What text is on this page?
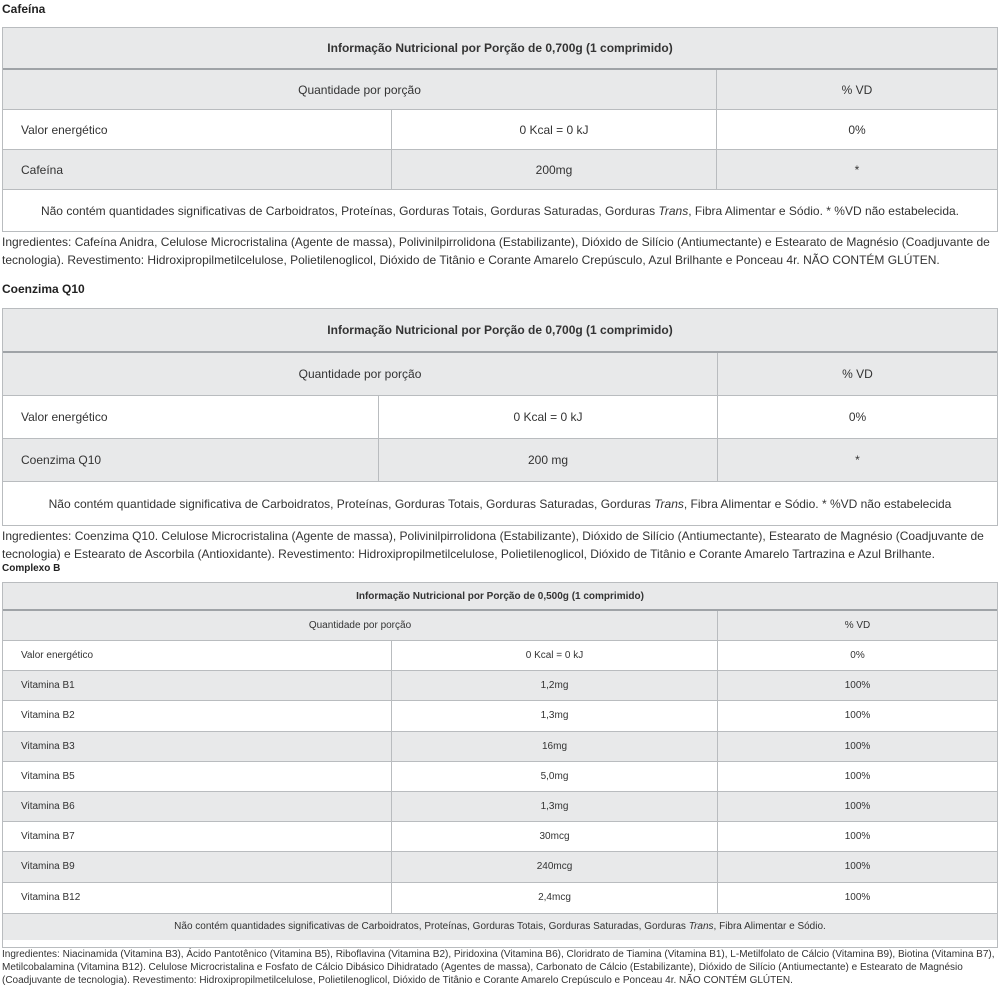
Cafeína
Informação Nutricional por Porção de 0,700g (1 comprimido)
Quantidade por porção	% VD
Valor energético	0 Kcal = 0 kJ	0%
Cafeína	200mg	*
Não contém quantidades significativas de Carboidratos, Proteínas, Gorduras Totais, Gorduras Saturadas, Gorduras Trans, Fibra Alimentar e Sódio. * %VD não estabelecida.
Ingredientes: Cafeína Anidra, Celulose Microcristalina (Agente de massa), Polivinilpirrolidona (Estabilizante), Dióxido de Silício (Antiumectante) e Estearato de Magnésio (Coadjuvante de tecnologia). Revestimento: Hidroxipropilmetilcelulose, Polietilenoglicol, Dióxido de Titânio e Corante Amarelo Crepúsculo, Azul Brilhante e Ponceau 4r. NÃO CONTÉM GLÚTEN.
Coenzima Q10
Informação Nutricional por Porção de 0,700g (1 comprimido)
Quantidade por porção	% VD
Valor energético	0 Kcal = 0 kJ	0%
Coenzima Q10	200 mg	*
Não contém quantidade significativa de Carboidratos, Proteínas, Gorduras Totais, Gorduras Saturadas, Gorduras Trans, Fibra Alimentar e Sódio. * %VD não estabelecida
Ingredientes: Coenzima Q10. Celulose Microcristalina (Agente de massa), Polivinilpirrolidona (Estabilizante), Dióxido de Silício (Antiumectante), Estearato de Magnésio (Coadjuvante de tecnologia) e Estearato de Ascorbila (Antioxidante). Revestimento: Hidroxipropilmetilcelulose, Polietilenoglicol, Dióxido de Titânio e Corante Amarelo Tartrazina e Azul Brilhante.
Complexo B
Informação Nutricional por Porção de 0,500g (1 comprimido)
Quantidade por porção	% VD
Valor energético	0 Kcal = 0 kJ	0%
Vitamina B1	1,2mg	100%
Vitamina B2	1,3mg	100%
Vitamina B3	16mg	100%
Vitamina B5	5,0mg	100%
Vitamina B6	1,3mg	100%
Vitamina B7	30mcg	100%
Vitamina B9	240mcg	100%
Vitamina B12	2,4mcg	100%
Não contém quantidades significativas de Carboidratos, Proteínas, Gorduras Totais, Gorduras Saturadas, Gorduras Trans, Fibra Alimentar e Sódio.
Ingredientes: Niacinamida (Vitamina B3), Ácido Pantotênico (Vitamina B5), Riboflavina (Vitamina B2), Piridoxina (Vitamina B6), Cloridrato de Tiamina (Vitamina B1), L-Metilfolato de Cálcio (Vitamina B9), Biotina (Vitamina B7), Metilcobalamina (Vitamina B12). Celulose Microcristalina e Fosfato de Cálcio Dibásico Dihidratado (Agentes de massa), Carbonato de Cálcio (Estabilizante), Dióxido de Silício (Antiumectante) e Estearato de Magnésio (Coadjuvante de tecnologia). Revestimento: Hidroxipropilmetilcelulose, Polietilenoglicol, Dióxido de Titânio e Corante Amarelo Crepúsculo e Ponceau 4r. NÃO CONTÉM GLÚTEN.
